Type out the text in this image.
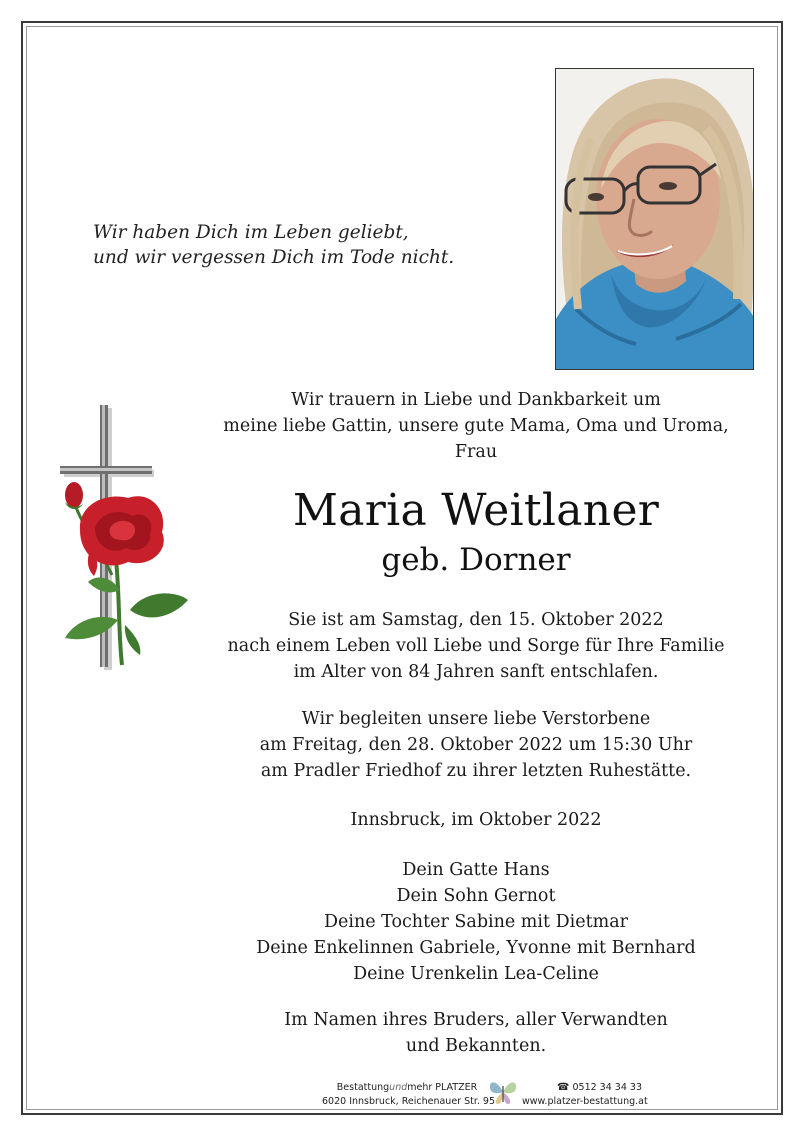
Wir haben Dich im Leben geliebt,
und wir vergessen Dich im Tode nicht.
Wir trauern in Liebe und Dankbarkeit um
meine liebe Gattin, unsere gute Mama, Oma und Uroma,
Frau
Maria Weitlaner
geb. Dorner
Sie ist am Samstag, den 15. Oktober 2022
nach einem Leben voll Liebe und Sorge für Ihre Familie
im Alter von 84 Jahren sanft entschlafen.
Wir begleiten unsere liebe Verstorbene
am Freitag, den 28. Oktober 2022 um 15:30 Uhr
am Pradler Friedhof zu ihrer letzten Ruhestätte.
Innsbruck, im Oktober 2022
Dein Gatte Hans
Dein Sohn Gernot
Deine Tochter Sabine mit Dietmar
Deine Enkelinnen Gabriele, Yvonne mit Bernhard
Deine Urenkelin Lea-Celine
Im Namen ihres Bruders, aller Verwandten
und Bekannten.
Bestattungundmehr PLATZER
6020 Innsbruck, Reichenauer Str. 95
☎ 0512 34 34 33
www.platzer-bestattung.at
